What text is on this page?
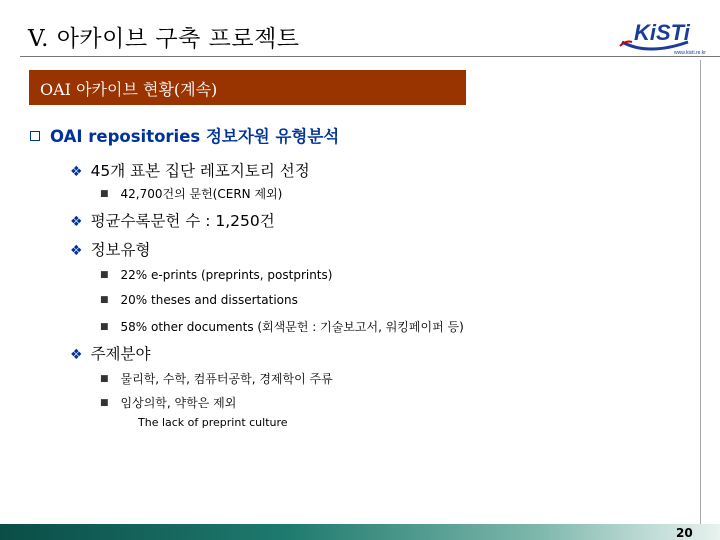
V. 아카이브 구축 프로젝트	KiSTi
www.kisti.re.kr
OAI 아카이브 현황(계속)
OAI repositories 정보자원 유형분석
❖ 45개 표본 집단 레포지토리 선정
■ 42,700건의 문헌(CERN 제외)
❖ 평균수록문헌 수 : 1,250건
❖ 정보유형
■ 22% e-prints (preprints, postprints)
■ 20% theses and dissertations
■ 58% other documents (회색문헌 : 기술보고서, 워킹페이퍼 등)
❖ 주제분야
■ 물리학, 수학, 컴퓨터공학, 경제학이 주류
■ 임상의학, 약학은 제외
The lack of preprint culture
20
